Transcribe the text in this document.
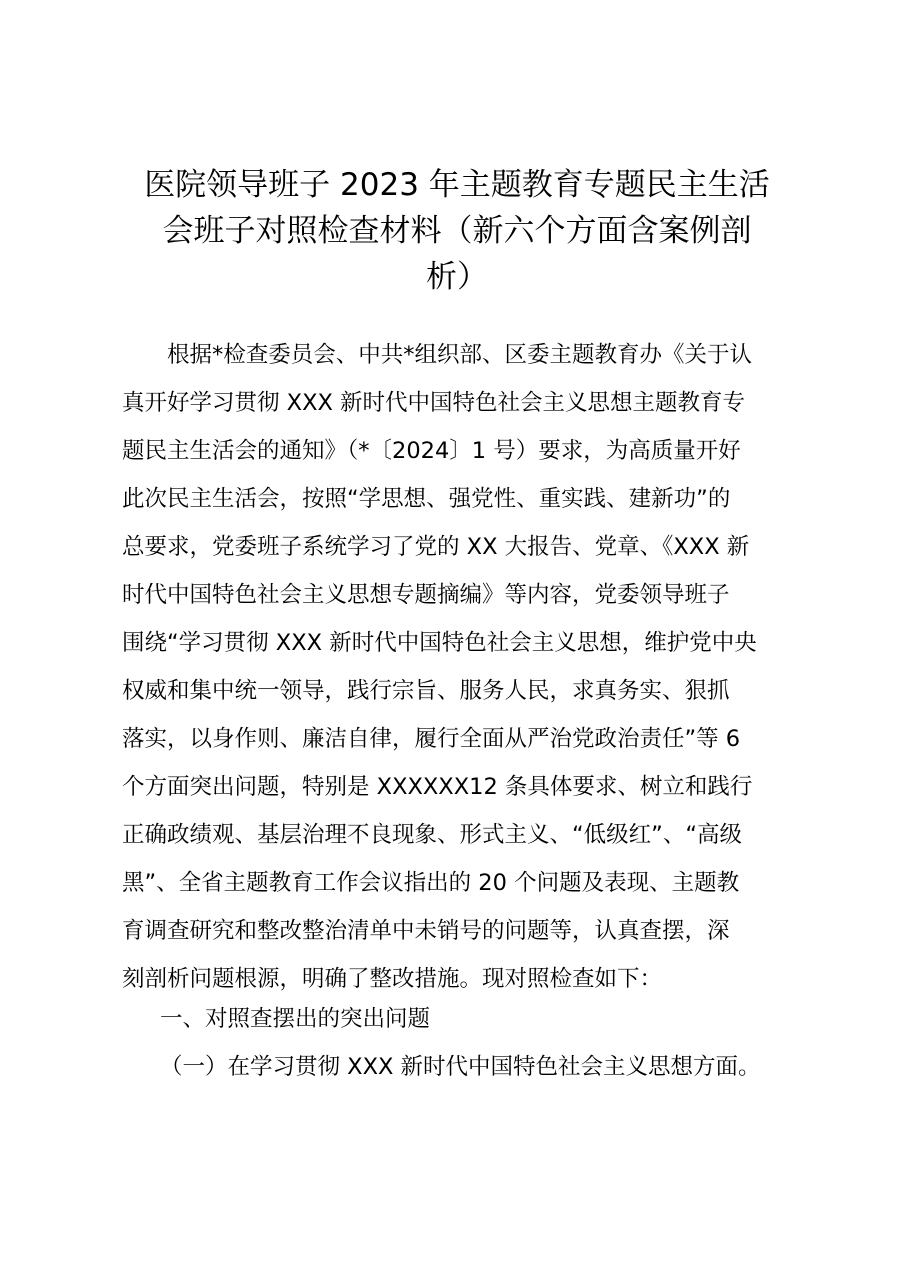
医院领导班子 2023 年主题教育专题民主生活
会班子对照检查材料（新六个方面含案例剖
析）
　　根据*检查委员会、中共*组织部、区委主题教育办《关于认
真开好学习贯彻 XXX 新时代中国特色社会主义思想主题教育专
题民主生活会的通知》（*〔2024〕1 号）要求，为高质量开好
此次民主生活会，按照“学思想、强党性、重实践、建新功”的
总要求，党委班子系统学习了党的 XX 大报告、党章、《XXX 新
时代中国特色社会主义思想专题摘编》等内容，党委领导班子
围绕“学习贯彻 XXX 新时代中国特色社会主义思想，维护党中央
权威和集中统一领导，践行宗旨、服务人民，求真务实、狠抓
落实，以身作则、廉洁自律，履行全面从严治党政治责任”等 6
个方面突出问题，特别是 XXXXXX12 条具体要求、树立和践行
正确政绩观、基层治理不良现象、形式主义、“低级红”、“高级
黑”、全省主题教育工作会议指出的 20 个问题及表现、主题教
育调查研究和整改整治清单中未销号的问题等，认真查摆，深
刻剖析问题根源，明确了整改措施。现对照检查如下：
一、对照查摆出的突出问题
（一）在学习贯彻 XXX 新时代中国特色社会主义思想方面。
